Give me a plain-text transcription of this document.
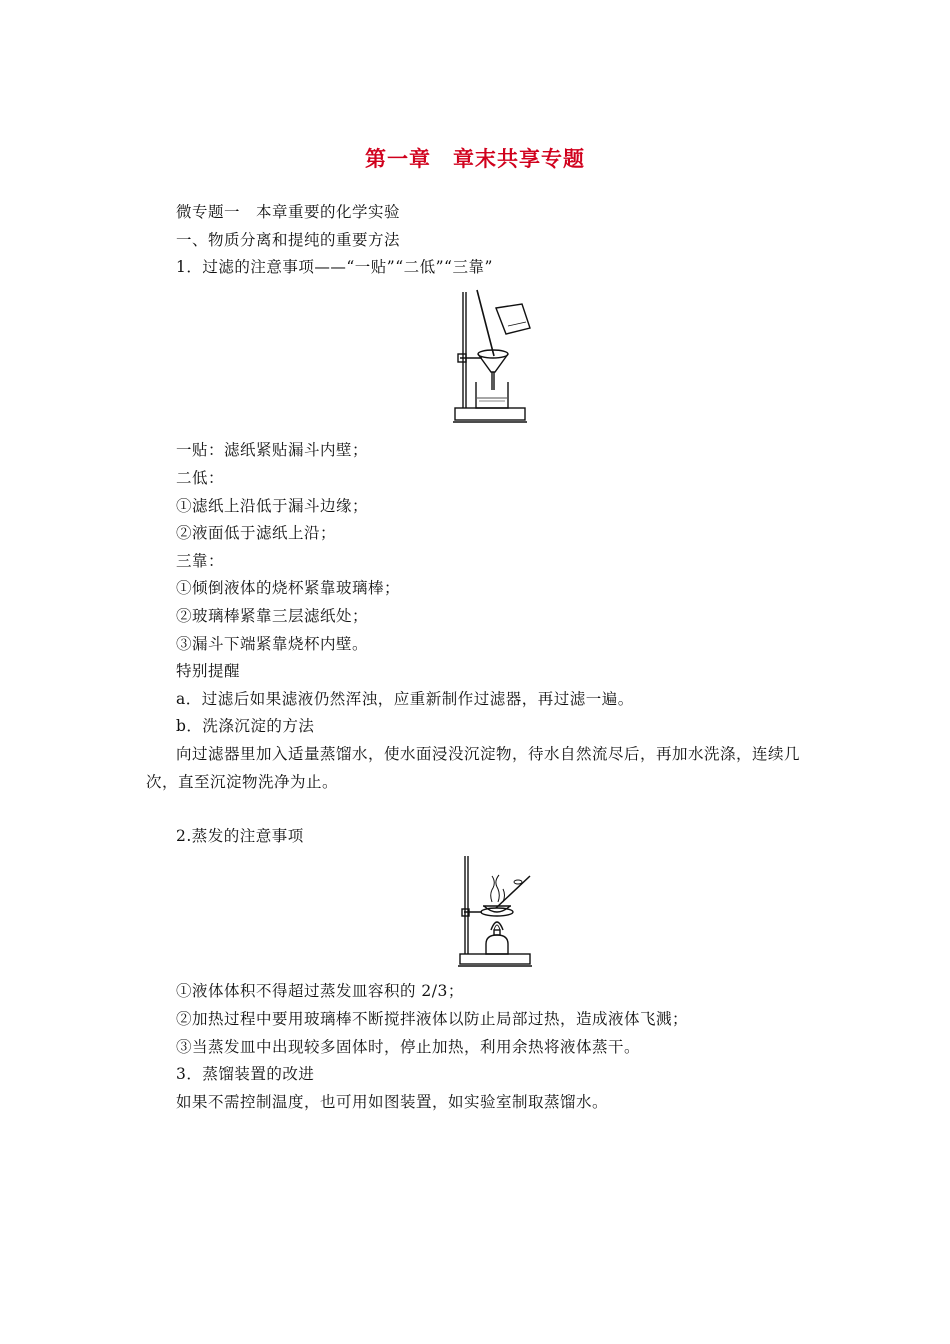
第一章　章末共享专题
微专题一　本章重要的化学实验
一、物质分离和提纯的重要方法
1．过滤的注意事项——“一贴”“二低”“三靠”
一贴：滤纸紧贴漏斗内壁；
二低：
①滤纸上沿低于漏斗边缘；
②液面低于滤纸上沿；
三靠：
①倾倒液体的烧杯紧靠玻璃棒；
②玻璃棒紧靠三层滤纸处；
③漏斗下端紧靠烧杯内壁。
特别提醒
a．过滤后如果滤液仍然浑浊，应重新制作过滤器，再过滤一遍。
b．洗涤沉淀的方法
向过滤器里加入适量蒸馏水，使水面浸没沉淀物，待水自然流尽后，再加水洗涤，连续几次，直至沉淀物洗净为止。
2.蒸发的注意事项
①液体体积不得超过蒸发皿容积的 2/3；
②加热过程中要用玻璃棒不断搅拌液体以防止局部过热，造成液体飞溅；
③当蒸发皿中出现较多固体时，停止加热，利用余热将液体蒸干。
3．蒸馏装置的改进
如果不需控制温度，也可用如图装置，如实验室制取蒸馏水。
